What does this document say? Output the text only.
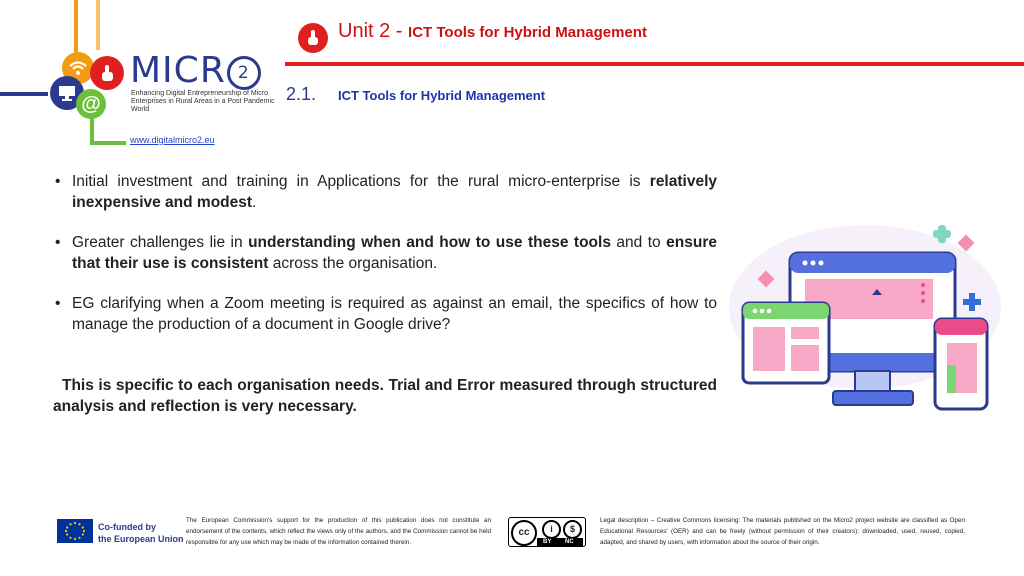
@
MICR 2
Enhancing Digital Entrepreneurship of Micro Enterprises in Rural Areas in a Post Pandemic World
www.digitalmicro2.eu
Unit 2 - ICT Tools for Hybrid Management
2.1. ICT Tools for Hybrid Management
• Initial investment and training in Applications for the rural micro-enterprise is relatively inexpensive and modest.
• Greater challenges lie in understanding when and how to use these tools and to ensure that their use is consistent across the organisation.
• EG clarifying when a Zoom meeting is required as against an email, the specifics of how to manage the production of a document in Google drive?
This is specific to each organisation needs. Trial and Error measured through structured analysis and reflection is very necessary.
Co-funded by
the European Union
The European Commission's support for the production of this publication does not constitute an endorsement of the contents, which reflect the views only of the authors, and the Commission cannot be held responsible for any use which may be made of the information contained therein.
cc	i	$
BY NC
Legal description – Creative Commons licensing: The materials published on the Micro2 project website are classified as Open Educational Resources' (OER) and can be freely (without permission of their creators): downloaded, used, reused, copied, adapted, and shared by users, with information about the source of their origin.
